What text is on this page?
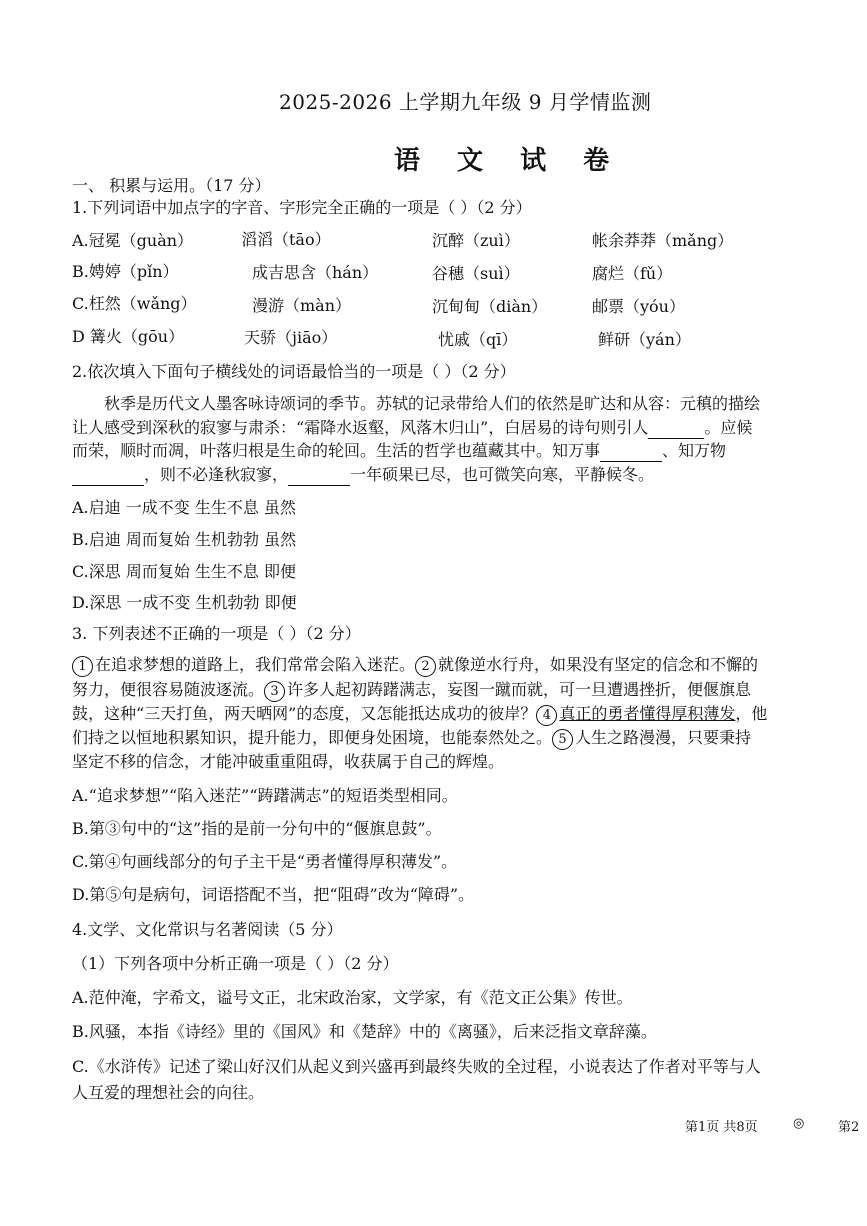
2025-2026 上学期九年级 9 月学情监测
语 文 试 卷
一、 积累与运用。（17 分）
1.下列词语中加点字的字音、字形完全正确的一项是（ ）（2 分）
A.冠冕（guàn）	滔滔（tāo）	沉醉（zuì）	帐余莽莽（mǎng）
B.娉婷（pǐn）	成吉思含（hán）	谷穗（suì）	腐烂（fǔ）
C.枉然（wǎng）	漫游（màn）	沉甸甸（diàn）	邮票（yóu）
D 篝火（gōu）	天骄（jiāo）	忧戚（qī）	鲜研（yán）
2.依次填入下面句子横线处的词语最恰当的一项是（ ）（2 分）
秋季是历代文人墨客咏诗颂词的季节。苏轼的记录带给人们的依然是旷达和从容：元稹的描绘
让人感受到深秋的寂寥与肃杀：“霜降水返壑，风落木归山”，白居易的诗句则引人	。应候
而荣，顺时而凋，叶落归根是生命的轮回。生活的哲学也蕴藏其中。知万事	、知万物
，则不必逢秋寂寥，	一年硕果已尽，也可微笑向寒，平静候冬。
A.启迪 一成不变 生生不息 虽然
B.启迪 周而复始 生机勃勃 虽然
C.深思 周而复始 生生不息 即便
D.深思 一成不变 生机勃勃 即便
3. 下列表述不正确的一项是（ ）（2 分）
1 在追求梦想的道路上，我们常常会陷入迷茫。 2 就像逆水行舟，如果没有坚定的信念和不懈的
努力，便很容易随波逐流。 3 许多人起初踌躇满志，妄图一蹴而就，可一旦遭遇挫折，便偃旗息
鼓，这种“三天打鱼，两天晒网”的态度，又怎能抵达成功的彼岸？ 4 真正的勇者懂得厚积薄发，他
们持之以恒地积累知识，提升能力，即便身处困境，也能泰然处之。 5 人生之路漫漫，只要秉持
坚定不移的信念，才能冲破重重阻碍，收获属于自己的辉煌。
A.“追求梦想”“陷入迷茫”“踌躇满志”的短语类型相同。
B.第③句中的“这”指的是前一分句中的“偃旗息鼓”。
C.第④句画线部分的句子主干是“勇者懂得厚积薄发”。
D.第⑤句是病句，词语搭配不当，把“阻碍”改为“障碍”。
4.文学、文化常识与名著阅读（5 分）
（1）下列各项中分析正确一项是（ ）（2 分）
A.范仲淹，字希文，谥号文正，北宋政治家，文学家，有《范文正公集》传世。
B.风骚，本指《诗经》里的《国风》和《楚辞》中的《离骚》，后来泛指文章辞藻。
C.《水浒传》记述了梁山好汉们从起义到兴盛再到最终失败的全过程，小说表达了作者对平等与人
人互爱的理想社会的向往。
第1页 共8页	◎	第2
